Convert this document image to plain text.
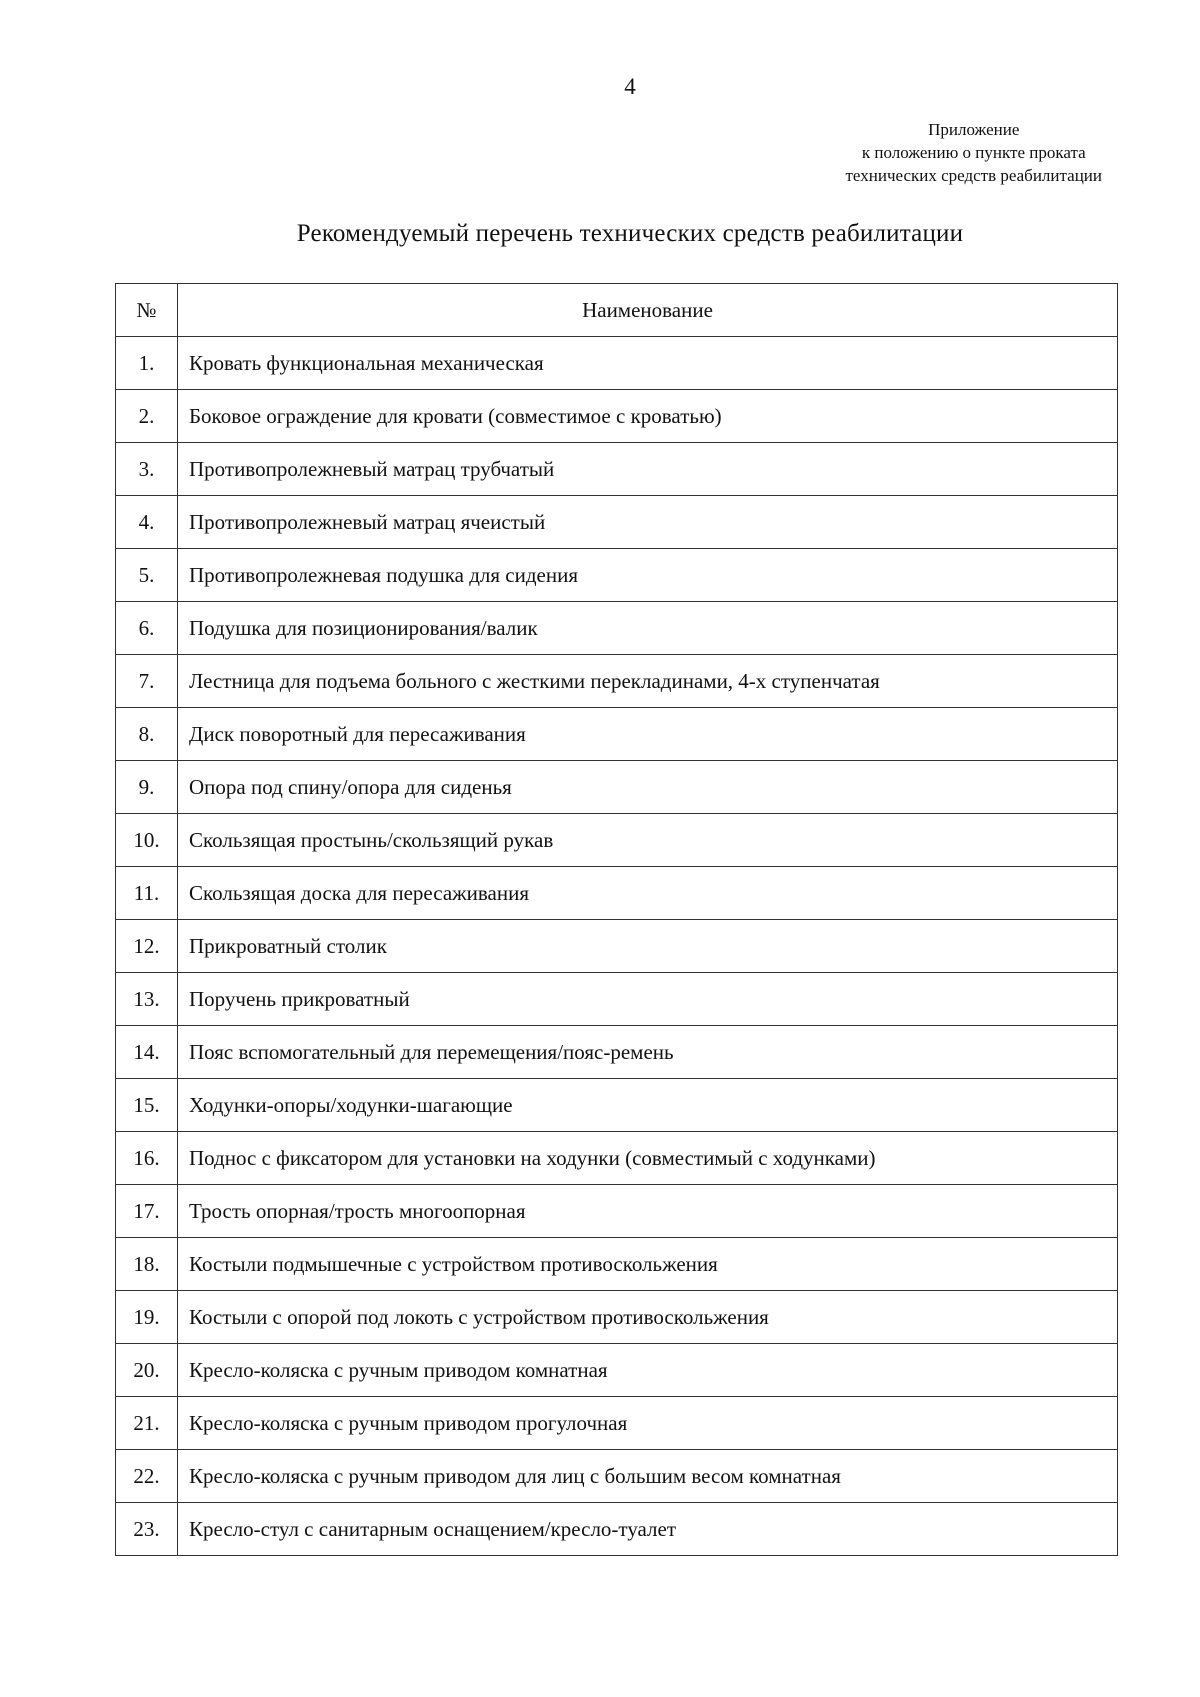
4
Приложение
к положению о пункте проката
технических средств реабилитации
Рекомендуемый перечень технических средств реабилитации
№	Наименование
1.	Кровать функциональная механическая
2.	Боковое ограждение для кровати (совместимое с кроватью)
3.	Противопролежневый матрац трубчатый
4.	Противопролежневый матрац ячеистый
5.	Противопролежневая подушка для сидения
6.	Подушка для позиционирования/валик
7.	Лестница для подъема больного с жесткими перекладинами, 4-х ступенчатая
8.	Диск поворотный для пересаживания
9.	Опора под спину/опора для сиденья
10.	Скользящая простынь/скользящий рукав
11.	Скользящая доска для пересаживания
12.	Прикроватный столик
13.	Поручень прикроватный
14.	Пояс вспомогательный для перемещения/пояс-ремень
15.	Ходунки-опоры/ходунки-шагающие
16.	Поднос с фиксатором для установки на ходунки (совместимый с ходунками)
17.	Трость опорная/трость многоопорная
18.	Костыли подмышечные с устройством противоскольжения
19.	Костыли с опорой под локоть с устройством противоскольжения
20.	Кресло-коляска с ручным приводом комнатная
21.	Кресло-коляска с ручным приводом прогулочная
22.	Кресло-коляска с ручным приводом для лиц с большим весом комнатная
23.	Кресло-стул с санитарным оснащением/кресло-туалет
